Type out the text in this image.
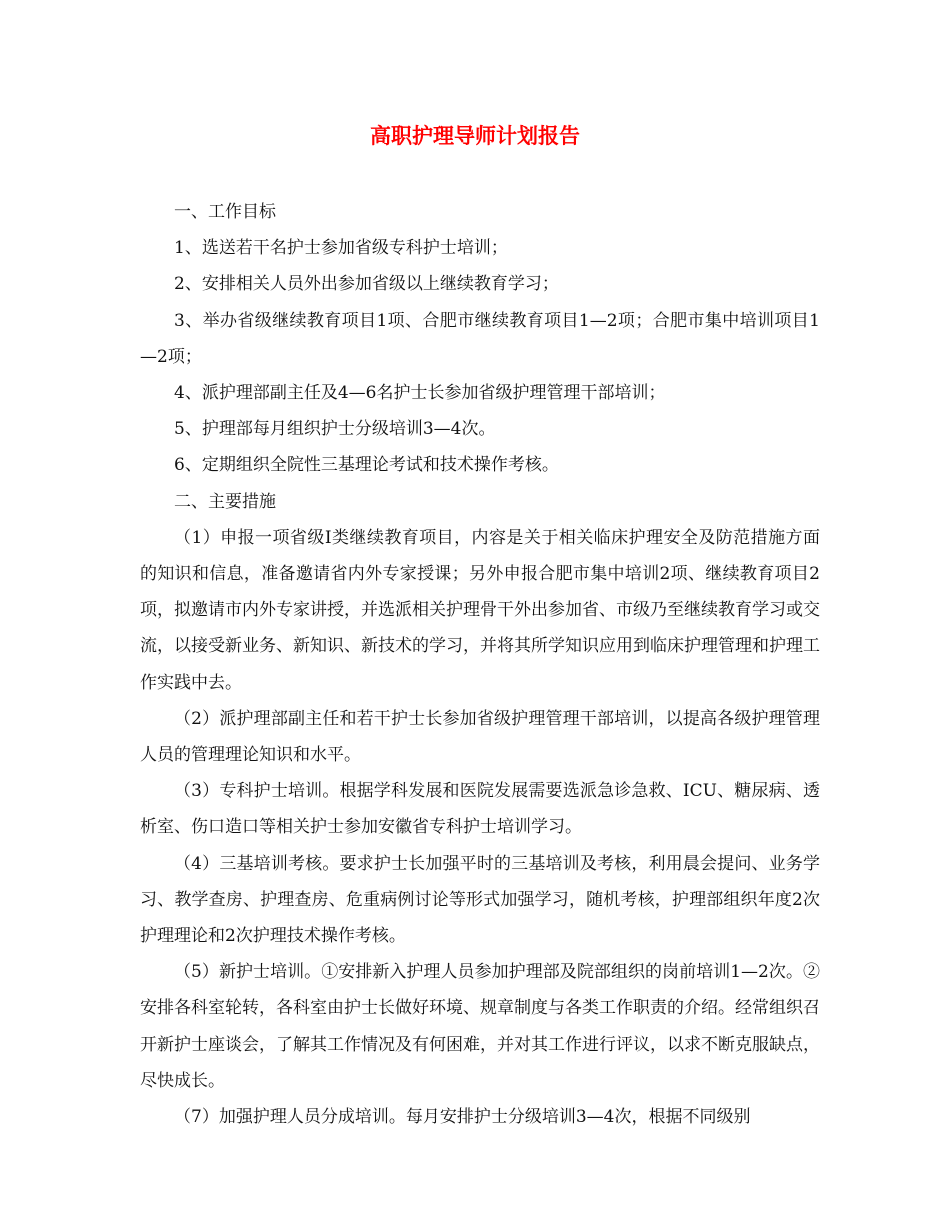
高职护理导师计划报告
一、工作目标
1、选送若干名护士参加省级专科护士培训；
2、安排相关人员外出参加省级以上继续教育学习；
3、举办省级继续教育项目1项、合肥市继续教育项目1—2项；合肥市集中培训项目1—2项；
4、派护理部副主任及4—6名护士长参加省级护理管理干部培训；
5、护理部每月组织护士分级培训3—4次。
6、定期组织全院性三基理论考试和技术操作考核。
二、主要措施
（1）申报一项省级Ⅰ类继续教育项目，内容是关于相关临床护理安全及防范措施方面的知识和信息，准备邀请省内外专家授课；另外申报合肥市集中培训2项、继续教育项目2项，拟邀请市内外专家讲授，并选派相关护理骨干外出参加省、市级乃至继续教育学习或交流，以接受新业务、新知识、新技术的学习，并将其所学知识应用到临床护理管理和护理工作实践中去。
（2）派护理部副主任和若干护士长参加省级护理管理干部培训，以提高各级护理管理人员的管理理论知识和水平。
（3）专科护士培训。根据学科发展和医院发展需要选派急诊急救、ICU、糖尿病、透析室、伤口造口等相关护士参加安徽省专科护士培训学习。
（4）三基培训考核。要求护士长加强平时的三基培训及考核，利用晨会提问、业务学习、教学查房、护理查房、危重病例讨论等形式加强学习，随机考核，护理部组织年度2次护理理论和2次护理技术操作考核。
（5）新护士培训。①安排新入护理人员参加护理部及院部组织的岗前培训1—2次。②安排各科室轮转，各科室由护士长做好环境、规章制度与各类工作职责的介绍。经常组织召开新护士座谈会，了解其工作情况及有何困难，并对其工作进行评议，以求不断克服缺点，尽快成长。
（7）加强护理人员分成培训。每月安排护士分级培训3—4次，根据不同级别
